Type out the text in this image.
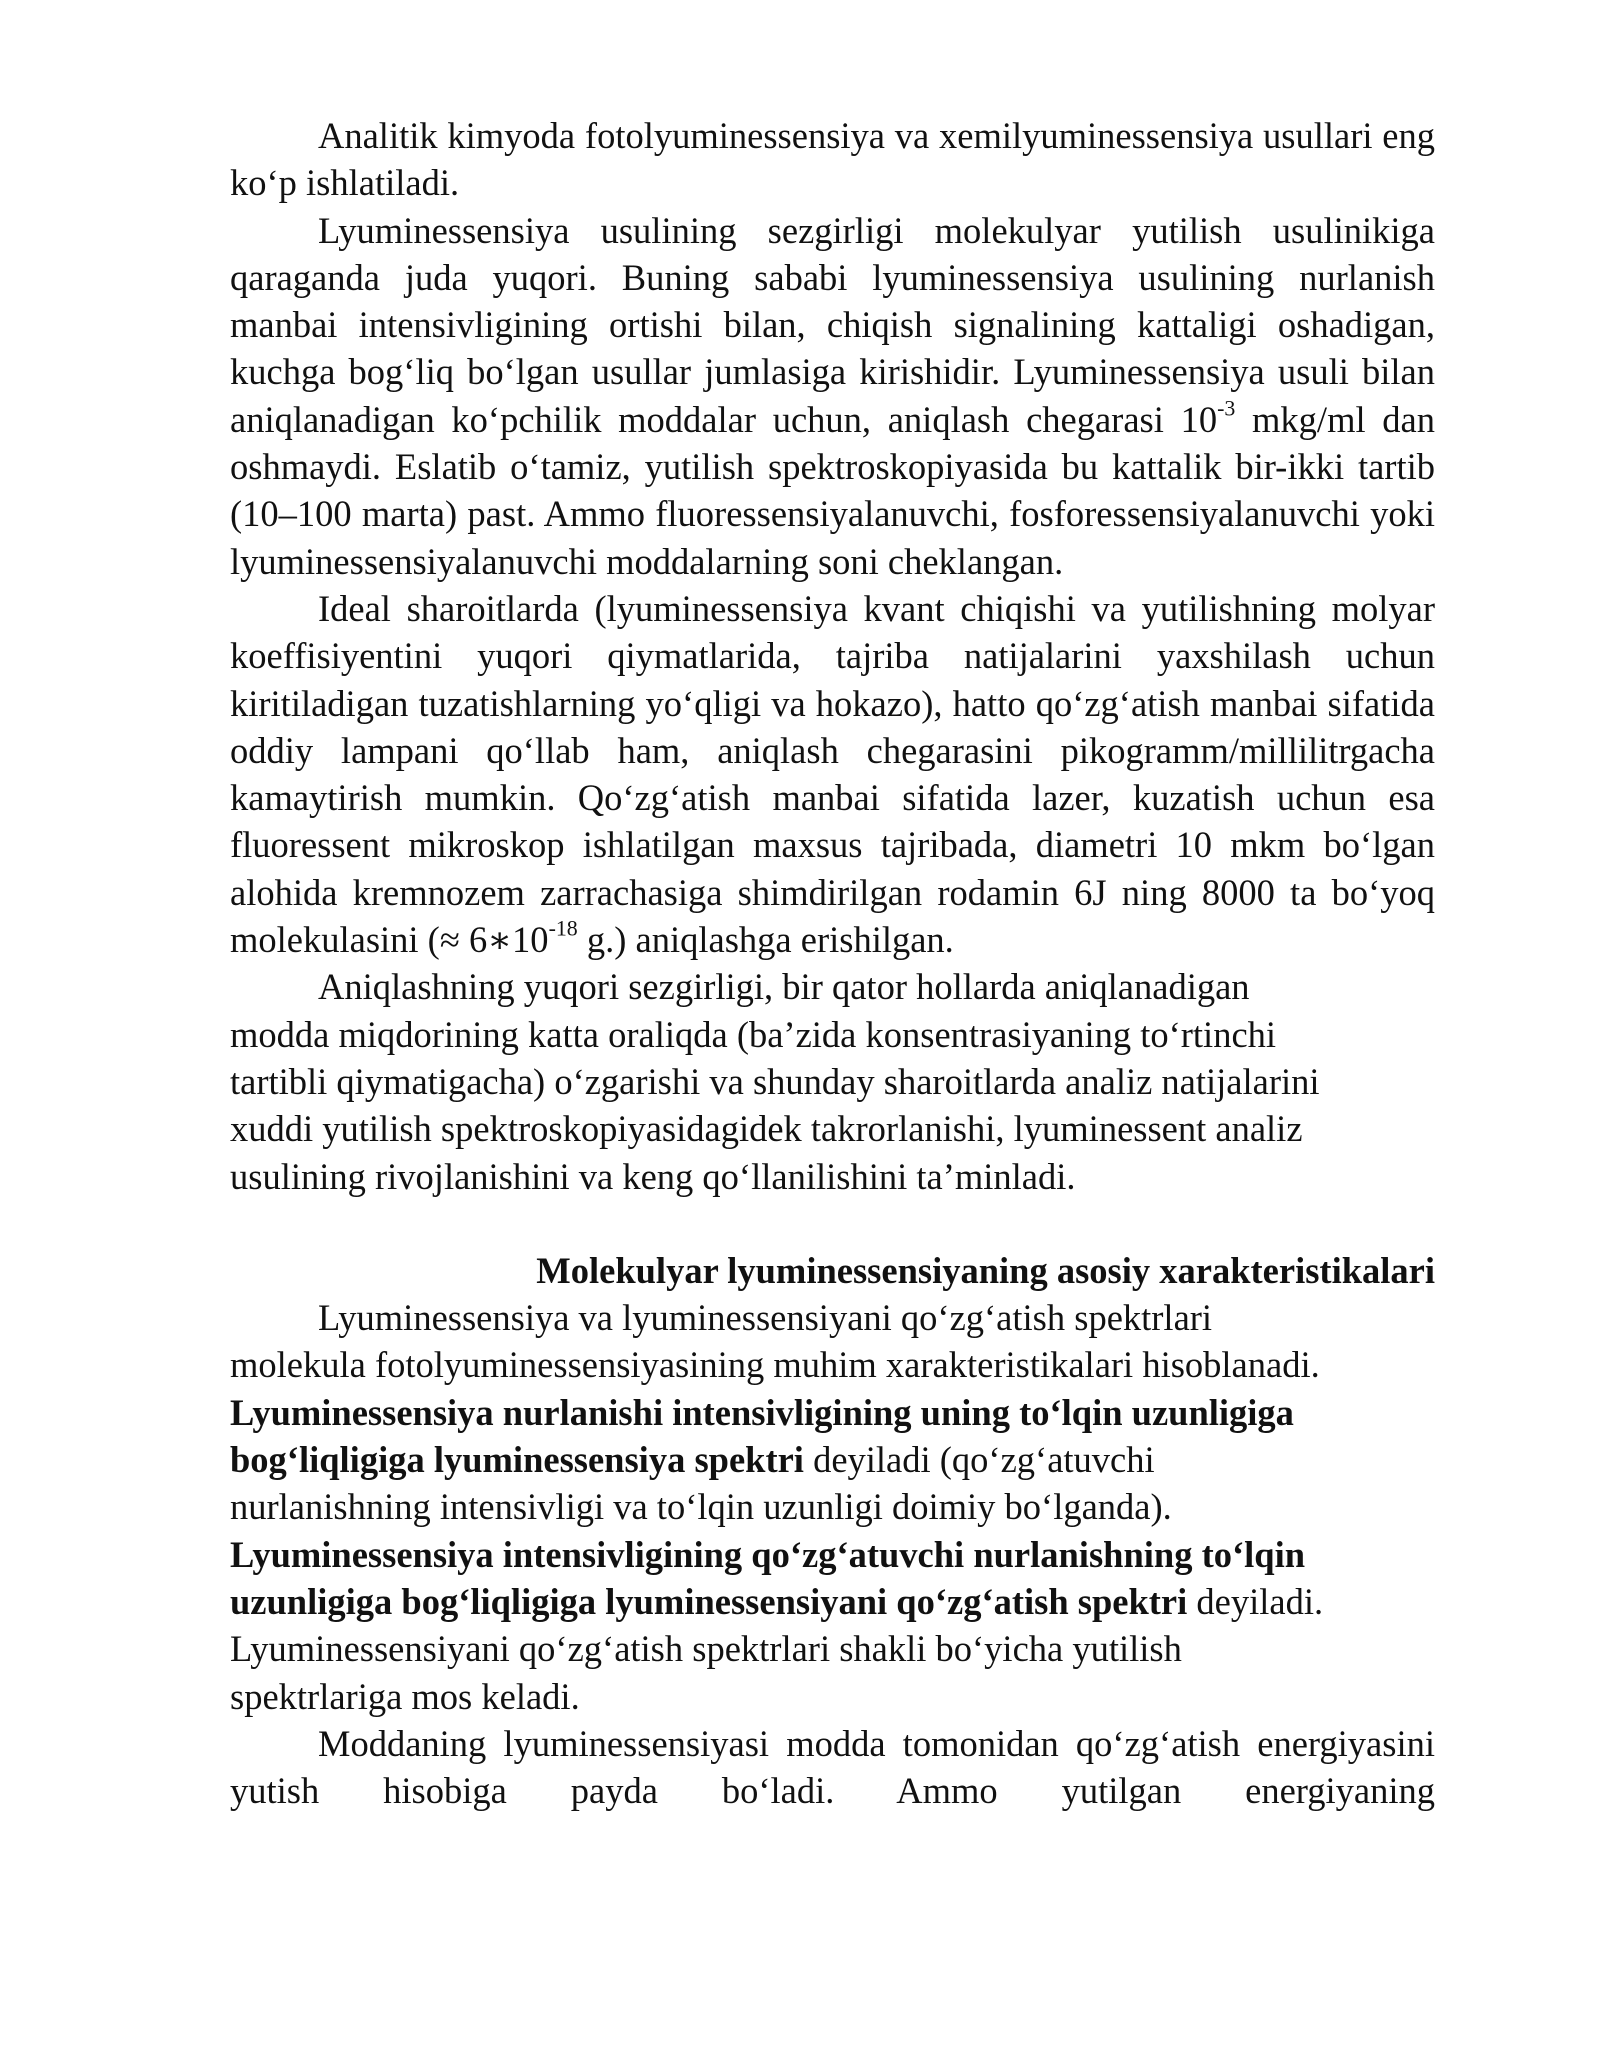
Analitik kimyoda fotolyuminessensiya va xemilyuminessensiya usullari eng ko‘p ishlatiladi.

Lyuminessensiya usulining sezgirligi molekulyar yutilish usulinikiga qaraganda juda yuqori. Buning sababi lyuminessensiya usulining nurlanish manbai intensivligining ortishi bilan, chiqish signalining kattaligi oshadigan, kuchga bog‘liq bo‘lgan usullar jumlasiga kirishidir. Lyuminessensiya usuli bilan aniqlanadigan ko‘pchilik moddalar uchun, aniqlash chegarasi $10^{-3}$ mkg/ml dan oshmaydi. Eslatib o‘tamiz, yutilish spektroskopiyasida bu kattalik bir-ikki tartib (10–100 marta) past. Ammo fluoressensiyalanuvchi, fosforessensiyalanuvchi yoki lyuminessensiyalanuvchi moddalarning soni cheklangan.

Ideal sharoitlarda (lyuminessensiya kvant chiqishi va yutilishning molyar koeffisiyentini yuqori qiymatlarida, tajriba natijalarini yaxshilash uchun kiritiladigan tuzatishlarning yo‘qligi va hokazo), hatto qo‘zg‘atish manbai sifatida oddiy lampani qo‘llab ham, aniqlash chegarasini pikogramm/millilitrgacha kamaytirish mumkin. Qo‘zg‘atish manbai sifatida lazer, kuzatish uchun esa fluoressent mikroskop ishlatilgan maxsus tajribada, diametri 10 mkm bo‘lgan alohida kremnozem zarrachasiga shimdirilgan rodamin 6J ning 8000 ta bo‘yoq molekulasini (≈ $6∗10^{-18}$ g.) aniqlashga erishilgan.

Aniqlashning yuqori sezgirligi, bir qator hollarda aniqlanadigan
modda miqdorining katta oraliqda (ba’zida konsentrasiyaning to‘rtinchi
tartibli qiymatigacha) o‘zgarishi va shunday sharoitlarda analiz natijalarini
xuddi yutilish spektroskopiyasidagidek takrorlanishi, lyuminessent analiz
usulining rivojlanishini va keng qo‘llanilishini ta’minladi.
Molekulyar lyuminessensiyaning asosiy xarakteristikalari
Lyuminessensiya va lyuminessensiyani qo‘zg‘atish spektrlari
molekula fotolyuminessensiyasining muhim xarakteristikalari hisoblanadi.
Lyuminessensiya nurlanishi intensivligining uning to‘lqin uzunligiga
bog‘liqligiga lyuminessensiya spektri deyiladi (qo‘zg‘atuvchi
nurlanishning intensivligi va to‘lqin uzunligi doimiy bo‘lganda).
Lyuminessensiya intensivligining qo‘zg‘atuvchi nurlanishning to‘lqin
uzunligiga bog‘liqligiga lyuminessensiyani qo‘zg‘atish spektri deyiladi.
Lyuminessensiyani qo‘zg‘atish spektrlari shakli bo‘yicha yutilish
spektrlariga mos keladi.

Moddaning lyuminessensiyasi modda tomonidan qo‘zg‘atish energiyasini yutish hisobiga payda bo‘ladi. Ammo yutilgan energiyaning
